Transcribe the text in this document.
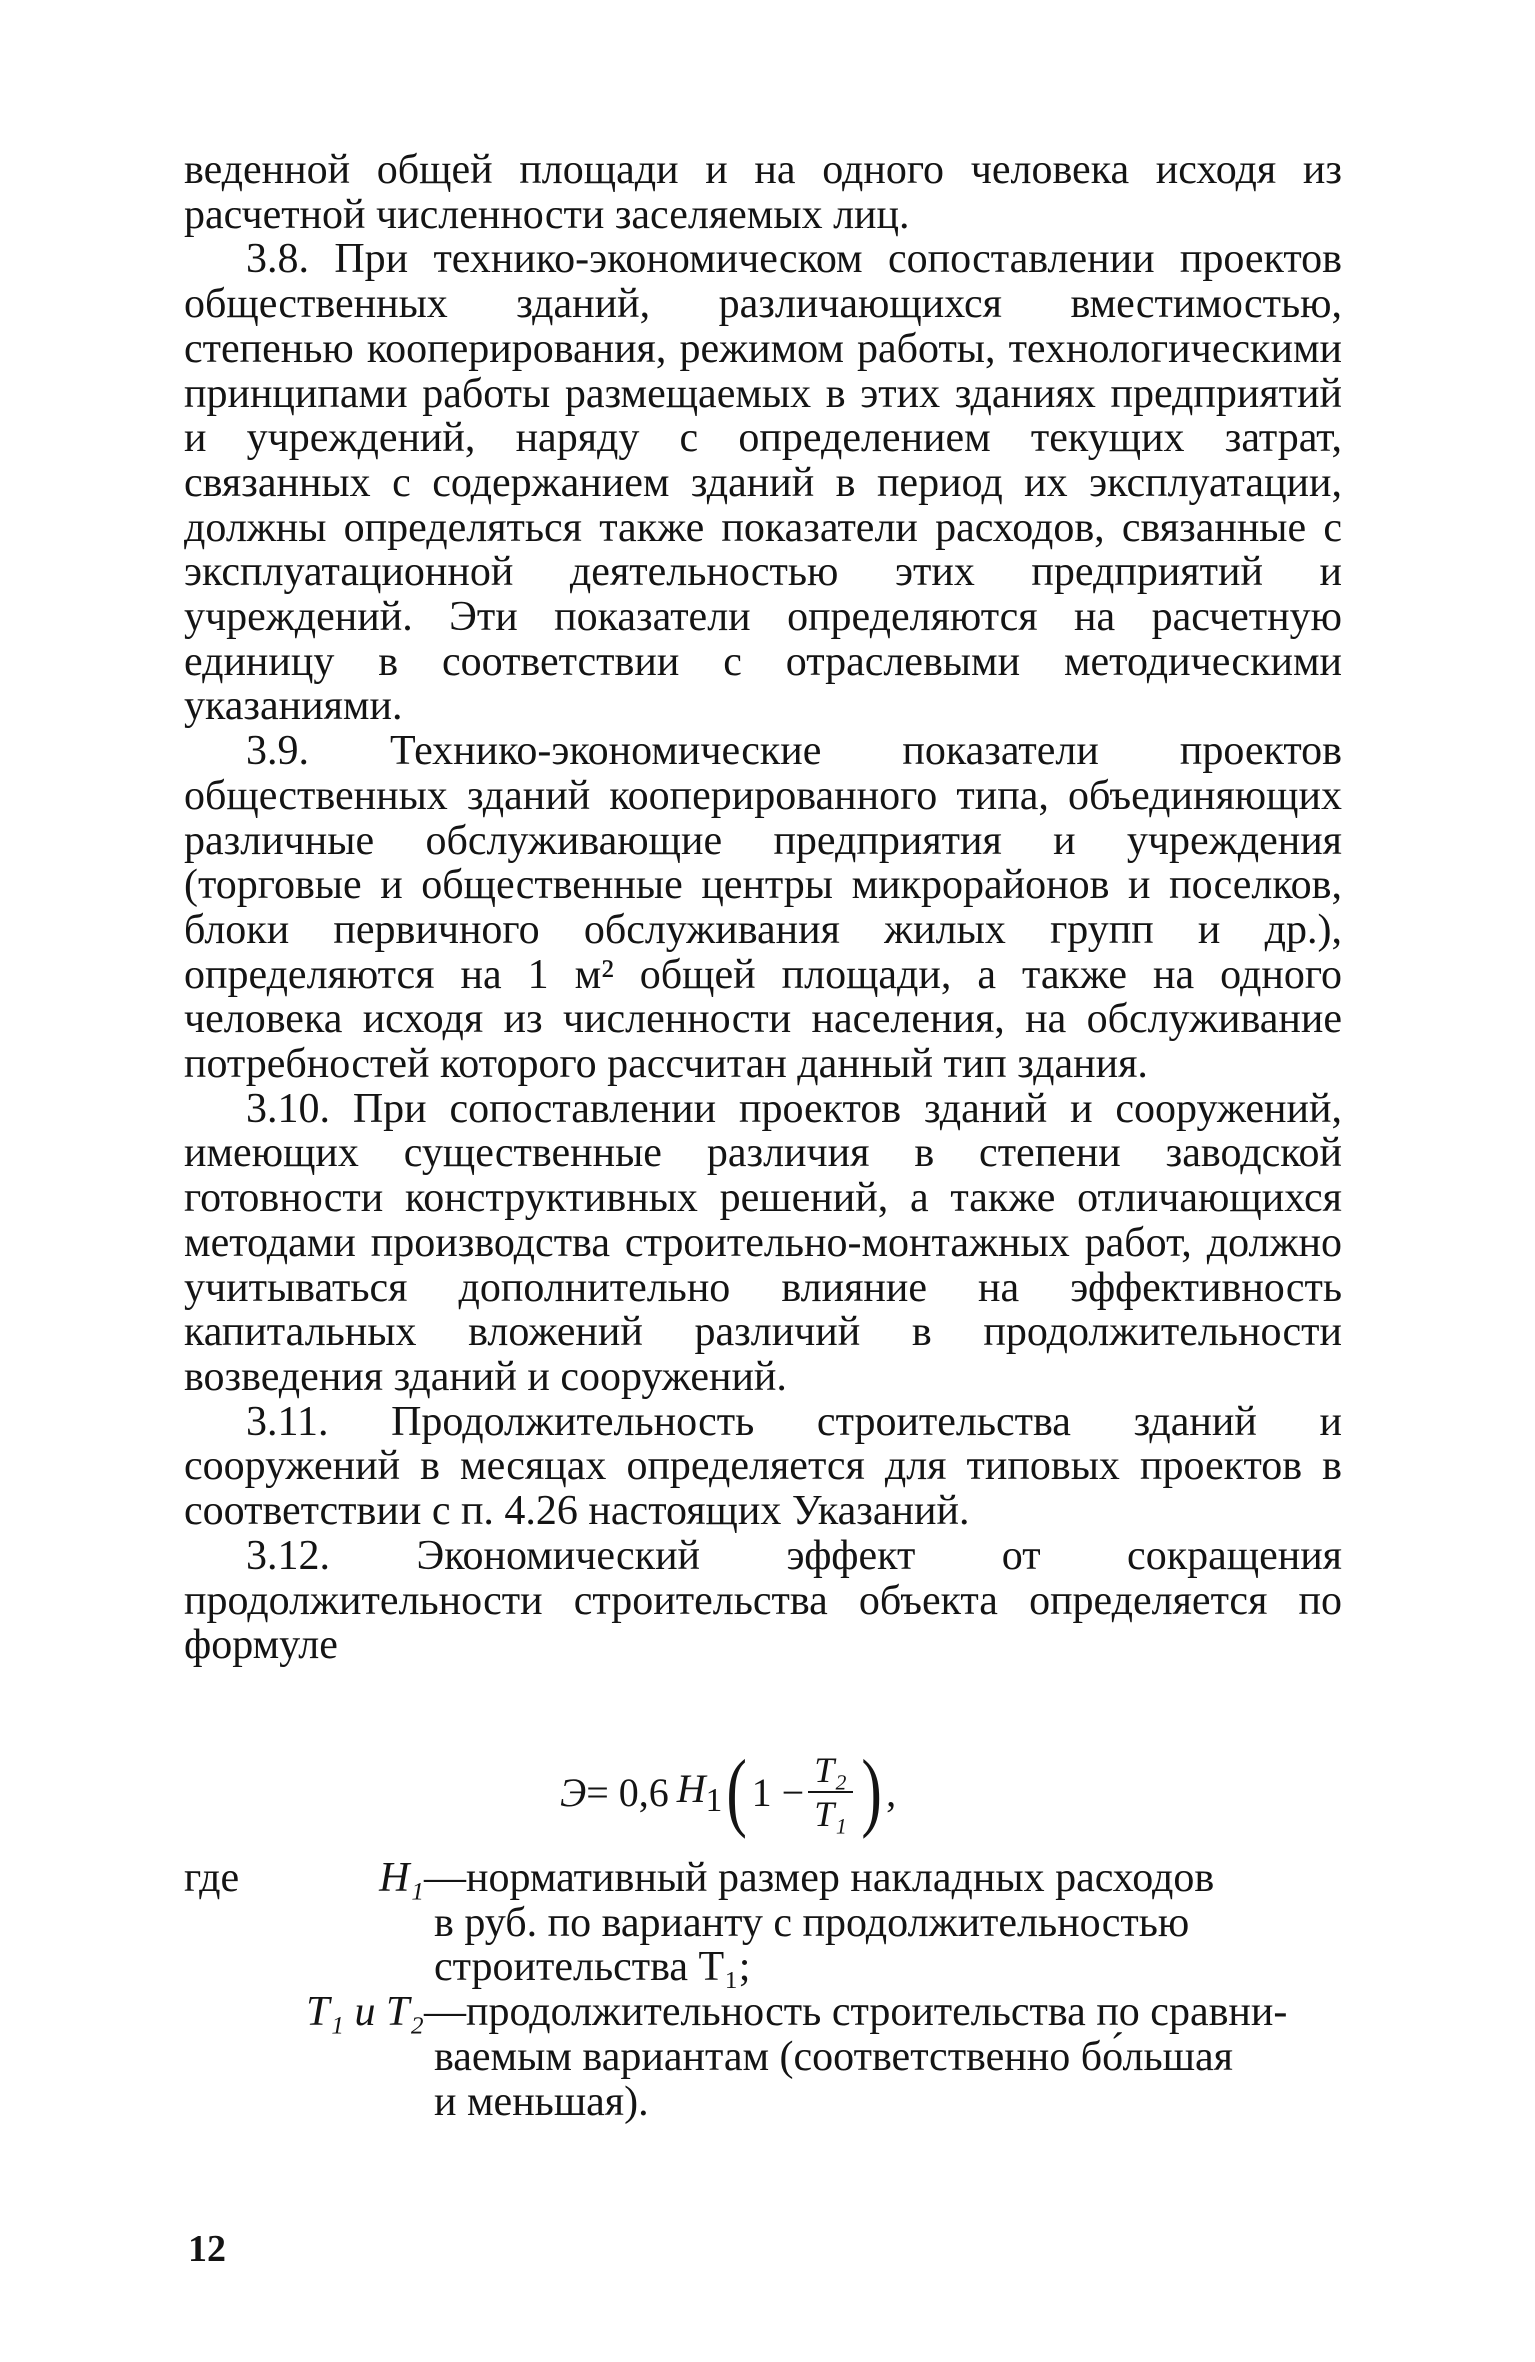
веденной общей площади и на одного человека исходя из расчетной численности заселяемых лиц.

3.8. При технико-экономическом сопоставлении проектов общественных зданий, различающихся вместимостью, степенью кооперирования, режимом работы, технологическими принципами работы размещаемых в этих зданиях предприятий и учреждений, наряду с определением текущих затрат, связанных с содержанием зданий в период их эксплуатации, должны определяться также показатели расходов, связанные с эксплуатационной деятельностью этих предприятий и учреждений. Эти показатели определяются на расчетную единицу в соответствии с отраслевыми методическими указаниями.

3.9. Технико-экономические показатели проектов общественных зданий кооперированного типа, объединяющих различные обслуживающие предприятия и учреждения (торговые и общественные центры микрорайонов и поселков, блоки первичного обслуживания жилых групп и др.), определяются на 1 м² общей площади, а также на одного человека исходя из численности населения, на обслуживание потребностей которого рассчитан данный тип здания.

3.10. При сопоставлении проектов зданий и сооружений, имеющих существенные различия в степени заводской готовности конструктивных решений, а также отличающихся методами производства строительно-монтажных работ, должно учитываться дополнительно влияние на эффективность капитальных вложений различий в продолжительности возведения зданий и сооружений.

3.11. Продолжительность строительства зданий и сооружений в месяцах определяется для типовых проектов в соответствии с п. 4.26 настоящих Указаний.

3.12. Экономический эффект от сокращения продолжительности строительства объекта определяется по формуле

Э = 0,6 $H_1$ ( $1 - \frac{\text{T₂}}{\text{T₁}}$ ) ,
где	H₁ —нормативный размер накладных расходов
в руб. по варианту с продолжительностью
строительства T₁;
T₁ и T₂ —продолжительность строительства по сравни-
ваемым вариантам (соответственно бо́льшая
и меньшая).
12
